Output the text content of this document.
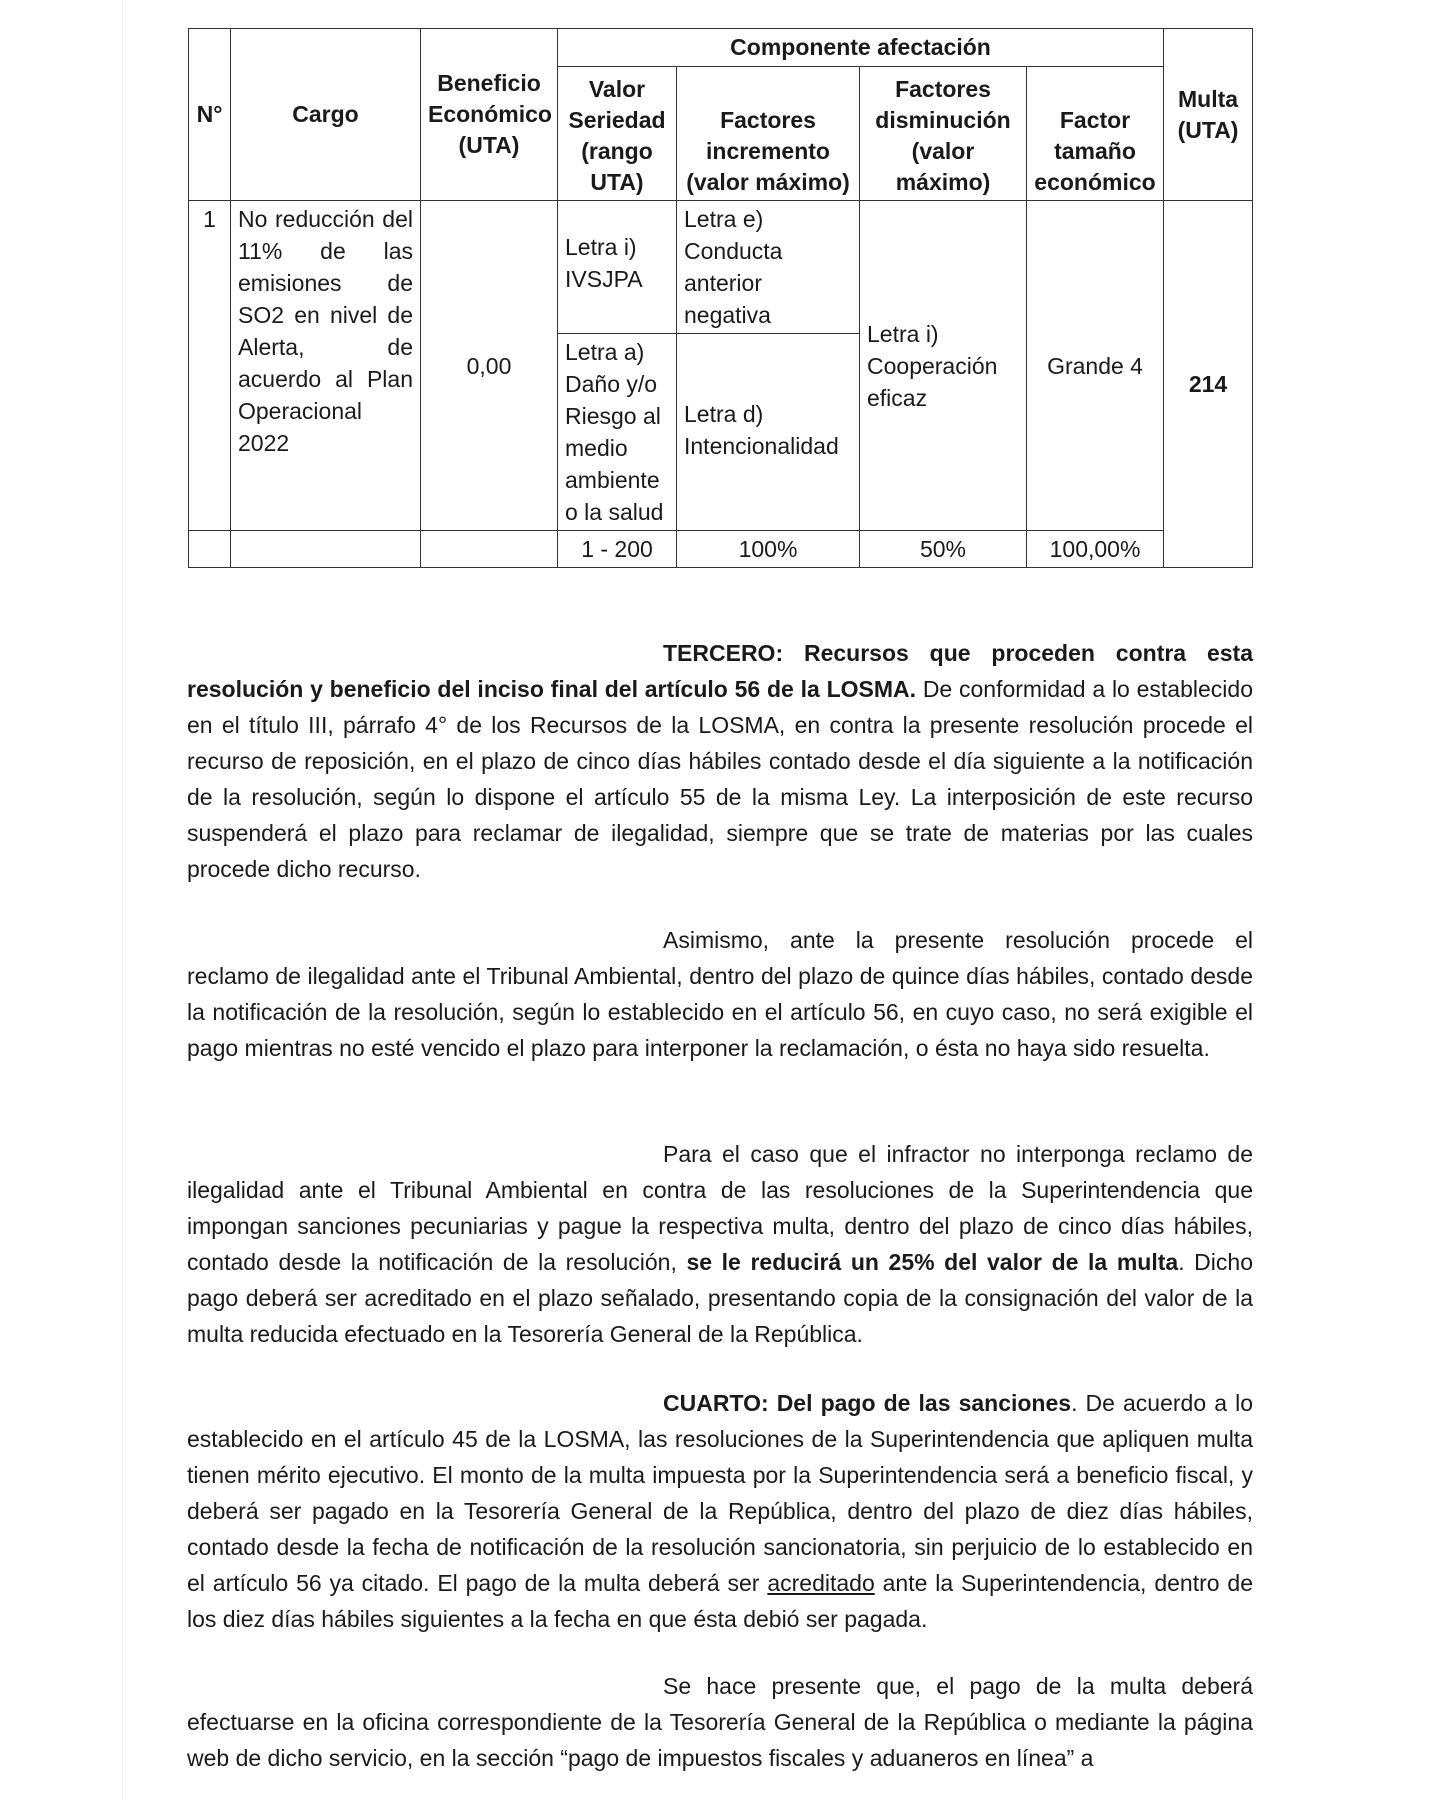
N°	Cargo	Beneficio Económico (UTA)	Componente afectación				Multa (UTA)
			Valor Seriedad (rango UTA)	Factores incremento (valor máximo)	Factores disminución (valor máximo)	Factor tamaño económico	
1	No reducción del 11% de las emisiones de SO2 en nivel de Alerta, de acuerdo al Plan Operacional 2022	0,00	Letra i) IVSJPA	Letra e) Conducta anterior negativa	Letra i) Cooperación eficaz	Grande 4	214
			Letra a) Daño y/o Riesgo al medio ambiente o la salud	Letra d) Intencionalidad			
			1 - 200	100%	50%	100,00%	

TERCERO: Recursos que proceden contra esta resolución y beneficio del inciso final del artículo 56 de la LOSMA. De conformidad a lo establecido en el título III, párrafo 4° de los Recursos de la LOSMA, en contra la presente resolución procede el recurso de reposición, en el plazo de cinco días hábiles contado desde el día siguiente a la notificación de la resolución, según lo dispone el artículo 55 de la misma Ley. La interposición de este recurso suspenderá el plazo para reclamar de ilegalidad, siempre que se trate de materias por las cuales procede dicho recurso.

Asimismo, ante la presente resolución procede el reclamo de ilegalidad ante el Tribunal Ambiental, dentro del plazo de quince días hábiles, contado desde la notificación de la resolución, según lo establecido en el artículo 56, en cuyo caso, no será exigible el pago mientras no esté vencido el plazo para interponer la reclamación, o ésta no haya sido resuelta.

Para el caso que el infractor no interponga reclamo de ilegalidad ante el Tribunal Ambiental en contra de las resoluciones de la Superintendencia que impongan sanciones pecuniarias y pague la respectiva multa, dentro del plazo de cinco días hábiles, contado desde la notificación de la resolución, se le reducirá un 25% del valor de la multa. Dicho pago deberá ser acreditado en el plazo señalado, presentando copia de la consignación del valor de la multa reducida efectuado en la Tesorería General de la República.

CUARTO: Del pago de las sanciones. De acuerdo a lo establecido en el artículo 45 de la LOSMA, las resoluciones de la Superintendencia que apliquen multa tienen mérito ejecutivo. El monto de la multa impuesta por la Superintendencia será a beneficio fiscal, y deberá ser pagado en la Tesorería General de la República, dentro del plazo de diez días hábiles, contado desde la fecha de notificación de la resolución sancionatoria, sin perjuicio de lo establecido en el artículo 56 ya citado. El pago de la multa deberá ser acreditado ante la Superintendencia, dentro de los diez días hábiles siguientes a la fecha en que ésta debió ser pagada.

Se hace presente que, el pago de la multa deberá efectuarse en la oficina correspondiente de la Tesorería General de la República o mediante la página web de dicho servicio, en la sección “pago de impuestos fiscales y aduaneros en línea” a
